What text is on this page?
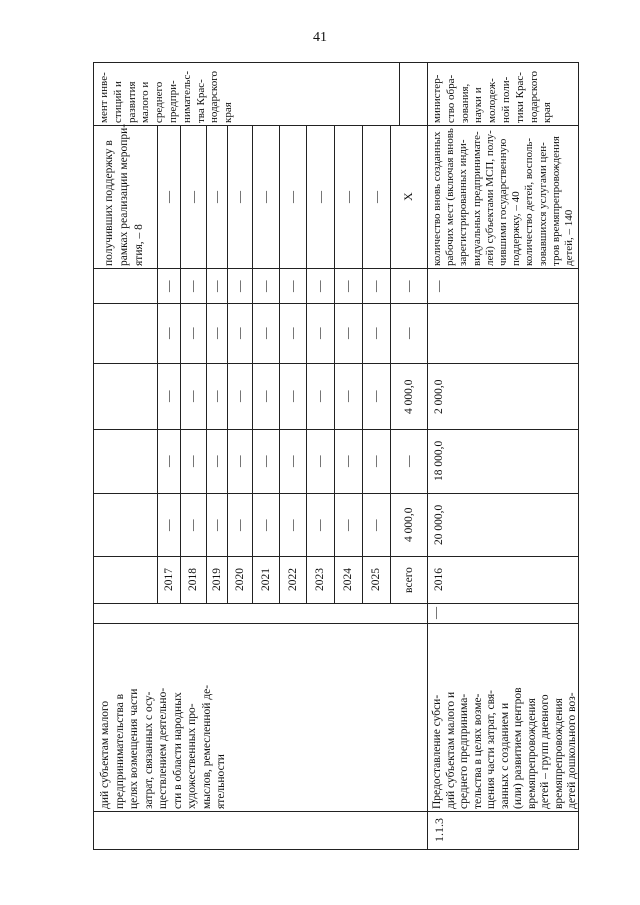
41
дий субъектам малого предпринимательства в целях возмещения части затрат, связанных с осу- ществлением деятельно- сти в области народных художественных про- мыслов, ремесленной де- ятельности
2017
—
—
—
—
—
—
2018
—
—
—
—
—
—
2019
—
—
—
—
—
—
2020
—
—
—
—
—
—
2021
—
—
—
—
—
—
2022
—
—
—
—
—
—
2023
—
—
—
—
—
—
2024
—
—
—
—
—
—
2025
—
—
—
—
—
—
всего
4 000,0
—
4 000,0
—
—
Х
получивших поддержку в рамках реализации меропри- ятия, – 8
мент инве- стиций и развития малого и среднего предпри- нимательс- тва Крас- нодарского края
1.1.3
Предоставление субси- дий субъектам малого и среднего предпринима- тельства в целях возме- щения части затрат, свя- занных с созданием и (или) развитием центров времяпрепровождения детей – групп дневного времяпрепровождения детей дошкольного воз-
—
2016
20 000,0
18 000,0
2 000,0
—
количество вновь созданных рабочих мест (включая вновь зарегистрированных инди- видуальных предпринимате- лей) субъектами МСП, полу- чившими государственную поддержку, – 40 количество детей, восполь- зовавшихся услугами цен- тров времяпрепровождения детей, – 140
министер- ство обра- зования, науки и молодеж- ной поли- тики Крас- нодарского края
